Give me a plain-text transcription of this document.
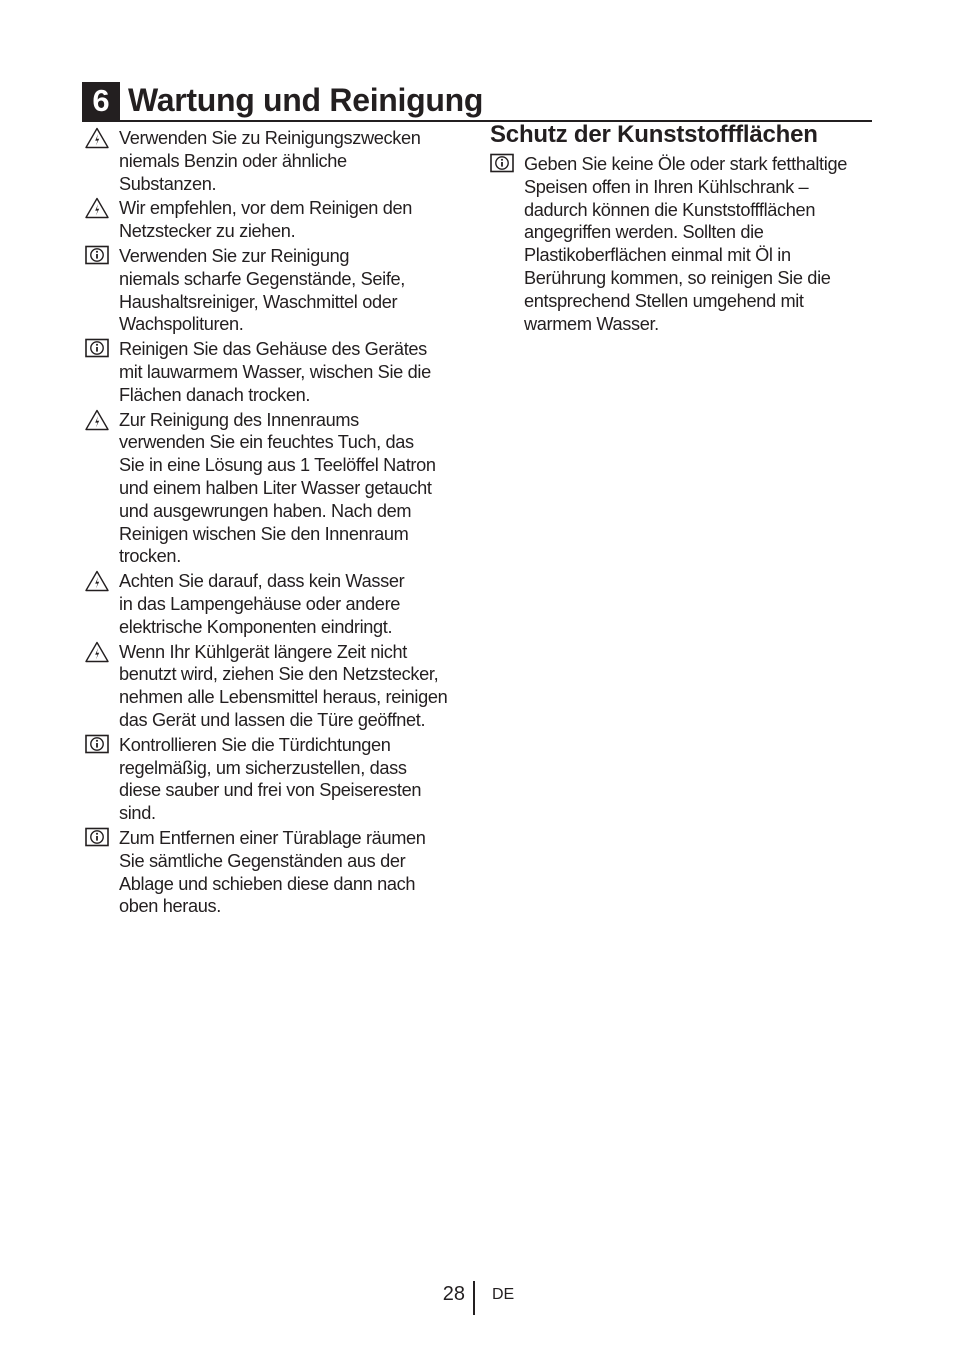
6 Wartung und Reinigung
Verwenden Sie zu Reinigungszwecken
niemals Benzin oder ähnliche
Substanzen.
Wir empfehlen, vor dem Reinigen den
Netzstecker zu ziehen.
Verwenden Sie zur Reinigung
niemals scharfe Gegenstände, Seife,
Haushaltsreiniger, Waschmittel oder
Wachspolituren.
Reinigen Sie das Gehäuse des Gerätes
mit lauwarmem Wasser, wischen Sie die
Flächen danach trocken.
Zur Reinigung des Innenraums
verwenden Sie ein feuchtes Tuch, das
Sie in eine Lösung aus 1 Teelöffel Natron
und einem halben Liter Wasser getaucht
und ausgewrungen haben. Nach dem
Reinigen wischen Sie den Innenraum
trocken.
Achten Sie darauf, dass kein Wasser
in das Lampengehäuse oder andere
elektrische Komponenten eindringt.
Wenn Ihr Kühlgerät längere Zeit nicht
benutzt wird, ziehen Sie den Netzstecker,
nehmen alle Lebensmittel heraus, reinigen
das Gerät und lassen die Türe geöffnet.
Kontrollieren Sie die Türdichtungen
regelmäßig, um sicherzustellen, dass
diese sauber und frei von Speiseresten
sind.
Zum Entfernen einer Türablage räumen
Sie sämtliche Gegenständen aus der
Ablage und schieben diese dann nach
oben heraus.
Schutz der Kunststoffflächen
Geben Sie keine Öle oder stark fetthaltige
Speisen offen in Ihren Kühlschrank –
dadurch können die Kunststoffflächen
angegriffen werden. Sollten die
Plastikoberflächen einmal mit Öl in
Berührung kommen, so reinigen Sie die
entsprechend Stellen umgehend mit
warmem Wasser.
28 DE
